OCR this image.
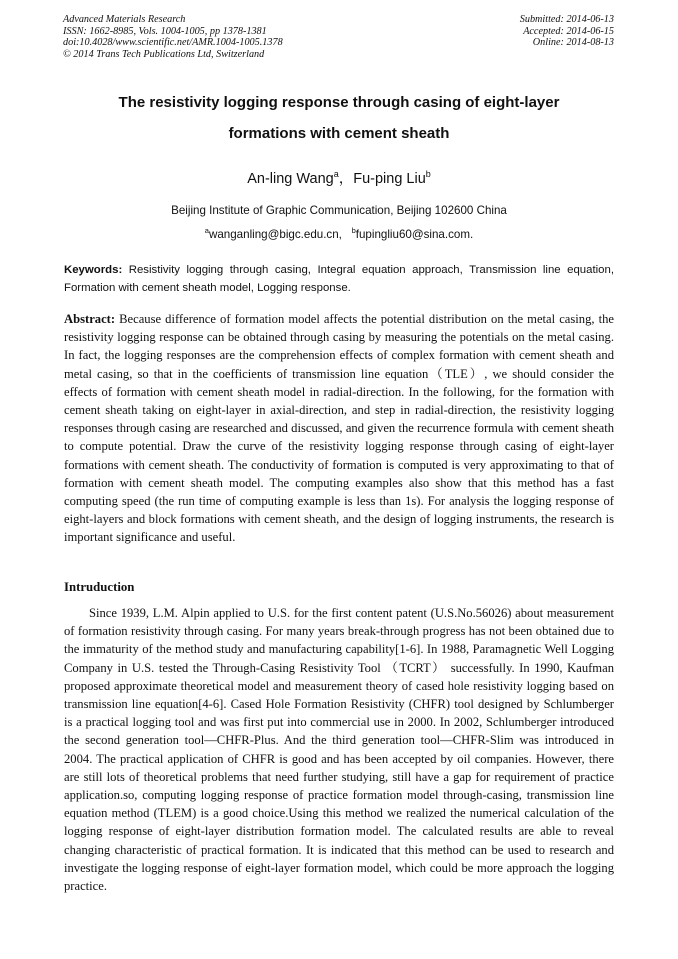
Advanced Materials Research
ISSN: 1662-8985, Vols. 1004-1005, pp 1378-1381
doi:10.4028/www.scientific.net/AMR.1004-1005.1378
© 2014 Trans Tech Publications Ltd, Switzerland
Submitted: 2014-06-13
Accepted: 2014-06-15
Online: 2014-08-13
The resistivity logging response through casing of eight-layer
formations with cement sheath
An-ling Wang$^a$，Fu-ping Liu$^b$
Beijing Institute of Graphic Communication, Beijing 102600 China
$^a$wanganling@bigc.edu.cn, $^b$fupingliu60@sina.com.
Keywords: Resistivity logging through casing, Integral equation approach, Transmission line equation, Formation with cement sheath model, Logging response.
Abstract: Because difference of formation model affects the potential distribution on the metal casing, the resistivity logging response can be obtained through casing by measuring the potentials on the metal casing. In fact, the logging responses are the comprehension effects of complex formation with cement sheath and metal casing, so that in the coefficients of transmission line equation（TLE）, we should consider the effects of formation with cement sheath model in radial-direction. In the following, for the formation with cement sheath taking on eight-layer in axial-direction, and step in radial-direction, the resistivity logging responses through casing are researched and discussed, and given the recurrence formula with cement sheath to compute potential. Draw the curve of the resistivity logging response through casing of eight-layer formations with cement sheath. The conductivity of formation is computed is very approximating to that of formation with cement sheath model. The computing examples also show that this method has a fast computing speed (the run time of computing example is less than 1s). For analysis the logging response of eight-layers and block formations with cement sheath, and the design of logging instruments, the research is important significance and useful.
Intruduction

Since 1939, L.M. Alpin applied to U.S. for the first content patent (U.S.No.56026) about measurement of formation resistivity through casing. For many years break-through progress has not been obtained due to the immaturity of the method study and manufacturing capability[1-6]. In 1988, Paramagnetic Well Logging Company in U.S. tested the Through-Casing Resistivity Tool （TCRT） successfully. In 1990, Kaufman proposed approximate theoretical model and measurement theory of cased hole resistivity logging based on transmission line equation[4-6]. Cased Hole Formation Resistivity (CHFR) tool designed by Schlumberger is a practical logging tool and was first put into commercial use in 2000. In 2002, Schlumberger introduced the second generation tool—CHFR-Plus. And the third generation tool—CHFR-Slim was introduced in 2004. The practical application of CHFR is good and has been accepted by oil companies. However, there are still lots of theoretical problems that need further studying, still have a gap for requirement of practice application.so, computing logging response of practice formation model through-casing, transmission line equation method (TLEM) is a good choice.Using this method we realized the numerical calculation of the logging response of eight-layer distribution formation model. The calculated results are able to reveal changing characteristic of practical formation. It is indicated that this method can be used to research and investigate the logging response of eight-layer formation model, which could be more approach the logging practice.
